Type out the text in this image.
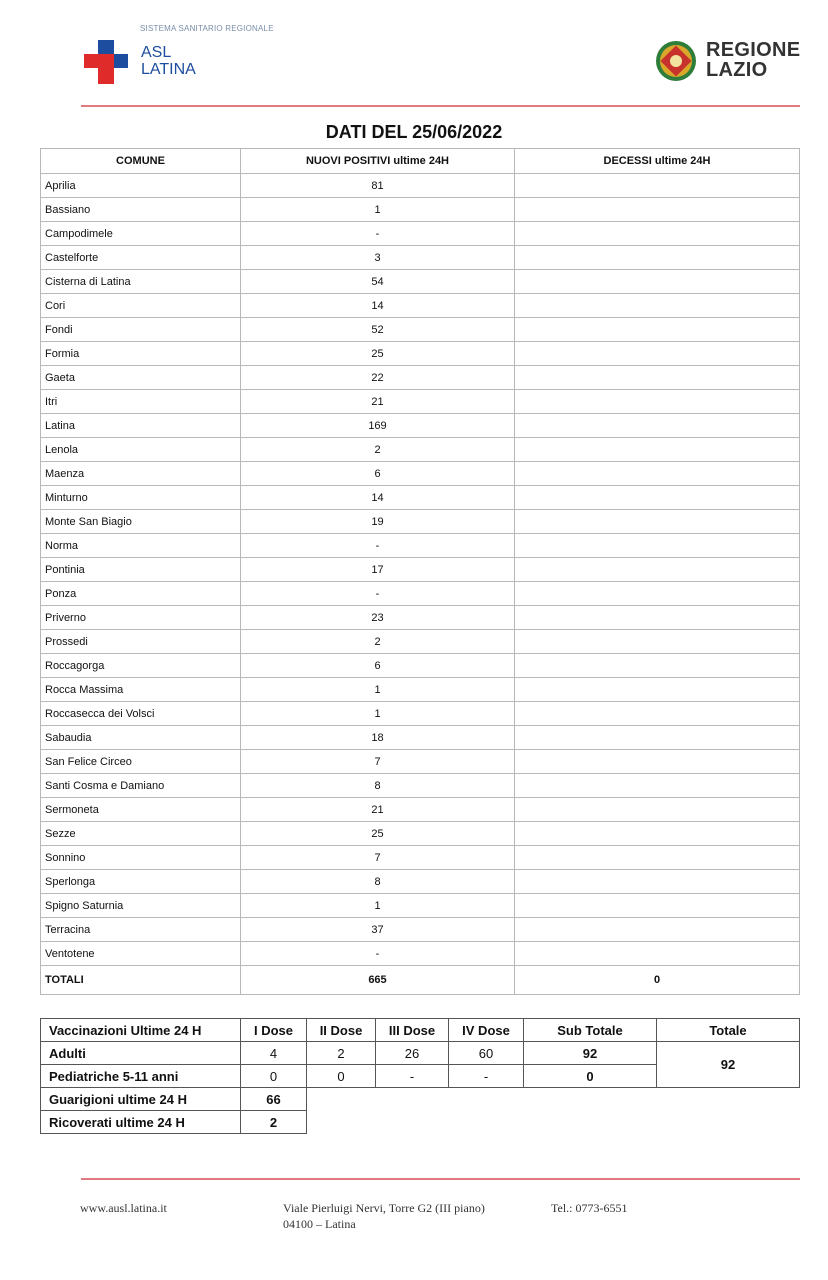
SISTEMA SANITARIO REGIONALE
ASL
LATINA
REGIONE
LAZIO
DATI DEL 25/06/2022
COMUNE	NUOVI POSITIVI ultime 24H	DECESSI ultime 24H
Aprilia	81	
Bassiano	1	
Campodimele	-	
Castelforte	3	
Cisterna di Latina	54	
Cori	14	
Fondi	52	
Formia	25	
Gaeta	22	
Itri	21	
Latina	169	
Lenola	2	
Maenza	6	
Minturno	14	
Monte San Biagio	19	
Norma	-	
Pontinia	17	
Ponza	-	
Priverno	23	
Prossedi	2	
Roccagorga	6	
Rocca Massima	1	
Roccasecca dei Volsci	1	
Sabaudia	18	
San Felice Circeo	7	
Santi Cosma e Damiano	8	
Sermoneta	21	
Sezze	25	
Sonnino	7	
Sperlonga	8	
Spigno Saturnia	1	
Terracina	37	
Ventotene	-	
TOTALI	665	0
Vaccinazioni Ultime 24 H	I Dose	II Dose	III Dose	IV Dose	Sub Totale	Totale
Adulti	4	2	26	60	92	92
Pediatriche 5-11 anni	0	0	-	-	0	
Guarigioni ultime 24 H	66					
Ricoverati ultime 24 H	2					
www.ausl.latina.it	Viale Pierluigi Nervi, Torre G2 (III piano)
04100 – Latina
Tel.: 0773-6551
